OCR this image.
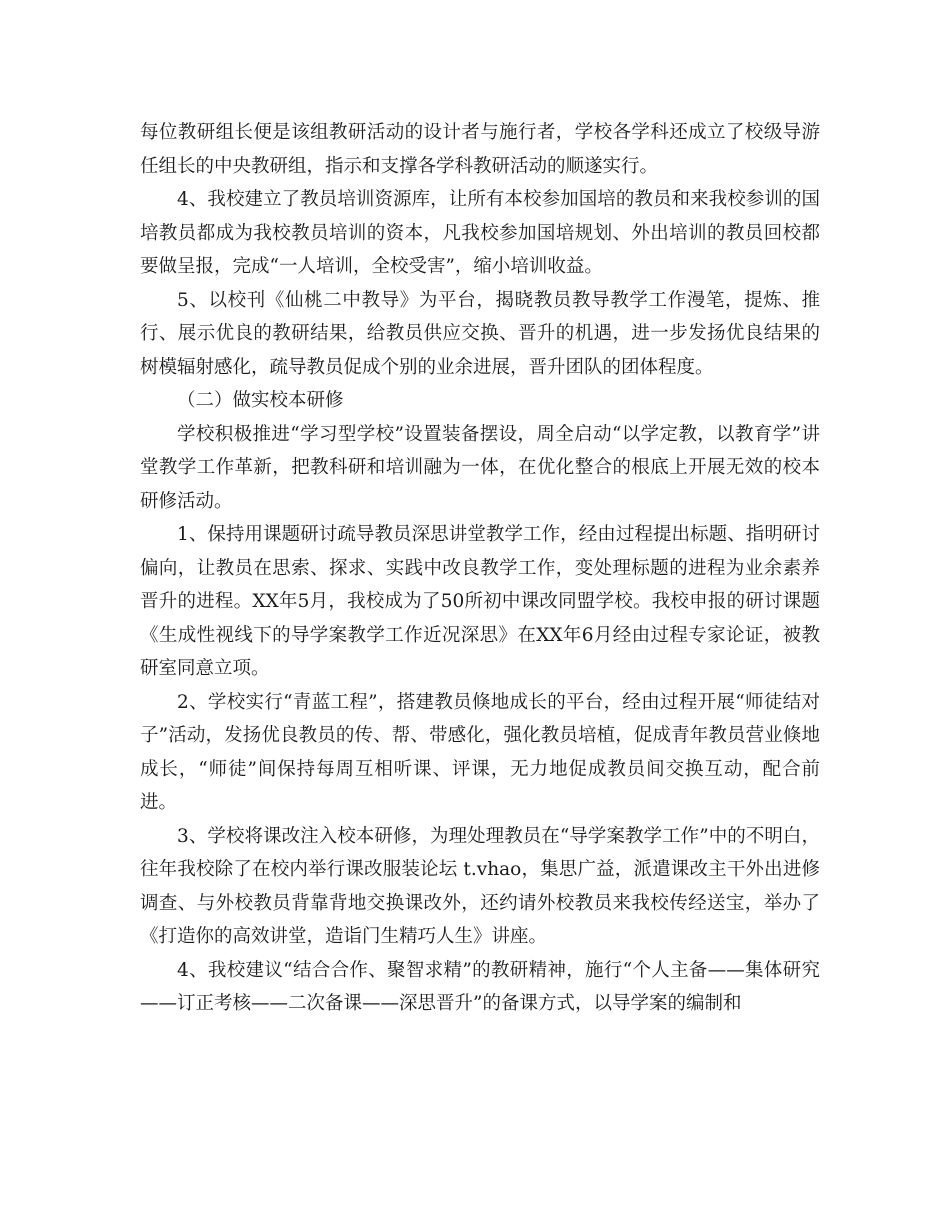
每位教研组长便是该组教研活动的设计者与施行者，学校各学科还成立了校级导游任组长的中央教研组，指示和支撑各学科教研活动的顺遂实行。

4、我校建立了教员培训资源库，让所有本校参加国培的教员和来我校参训的国培教员都成为我校教员培训的资本，凡我校参加国培规划、外出培训的教员回校都要做呈报，完成“一人培训，全校受害”，缩小培训收益。

5、以校刊《仙桃二中教导》为平台，揭晓教员教导教学工作漫笔，提炼、推行、展示优良的教研结果，给教员供应交换、晋升的机遇，进一步发扬优良结果的树模辐射感化，疏导教员促成个别的业余进展，晋升团队的团体程度。

（二）做实校本研修

学校积极推进“学习型学校”设置装备摆设，周全启动“以学定教，以教育学”讲堂教学工作革新，把教科研和培训融为一体，在优化整合的根底上开展无效的校本研修活动。

1、保持用课题研讨疏导教员深思讲堂教学工作，经由过程提出标题、指明研讨偏向，让教员在思索、探求、实践中改良教学工作，变处理标题的进程为业余素养晋升的进程。XX年5月，我校成为了50所初中课改同盟学校。我校申报的研讨课题《生成性视线下的导学案教学工作近况深思》在XX年6月经由过程专家论证，被教研室同意立项。

2、学校实行“青蓝工程”，搭建教员倏地成长的平台，经由过程开展“师徒结对子”活动，发扬优良教员的传、帮、带感化，强化教员培植，促成青年教员营业倏地成长，“师徒”间保持每周互相听课、评课，无力地促成教员间交换互动，配合前进。

3、学校将课改注入校本研修，为理处理教员在“导学案教学工作”中的不明白，往年我校除了在校内举行课改服装论坛 t.vhao，集思广益，派遣课改主干外出进修调查、与外校教员背靠背地交换课改外，还约请外校教员来我校传经送宝，举办了《打造你的高效讲堂，造诣门生精巧人生》讲座。

4、我校建议“结合合作、聚智求精”的教研精神，施行“个人主备——集体研究——订正考核——二次备课——深思晋升”的备课方式，以导学案的编制和
